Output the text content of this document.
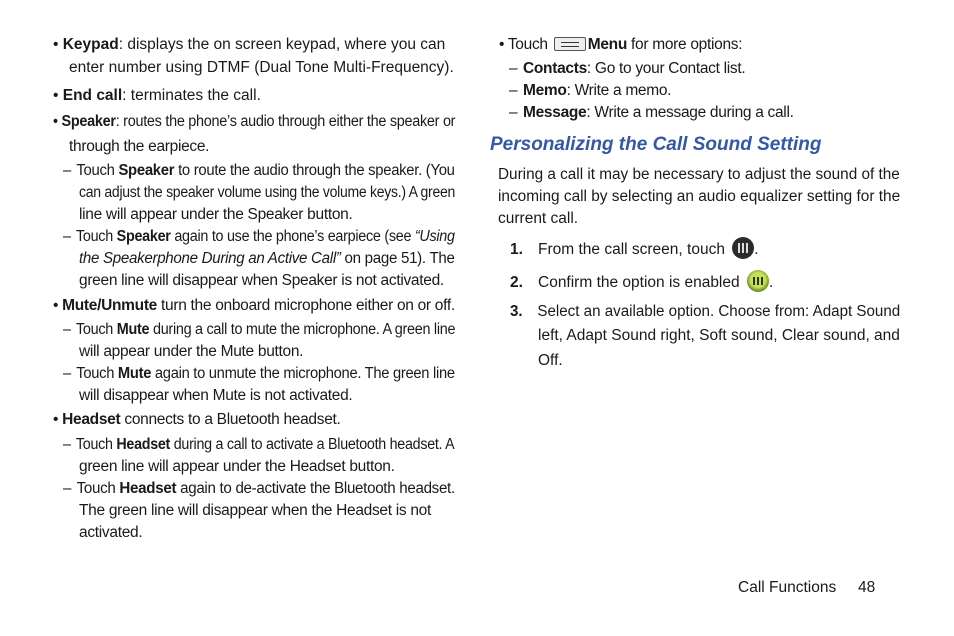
• Keypad: displays the on screen keypad, where you can
enter number using DTMF (Dual Tone Multi-Frequency).
• End call: terminates the call.
• Speaker: routes the phone’s audio through either the speaker or
through the earpiece.
– Touch Speaker to route the audio through the speaker. (You
can adjust the speaker volume using the volume keys.) A green
line will appear under the Speaker button.
– Touch Speaker again to use the phone’s earpiece (see “Using
the Speakerphone During an Active Call” on page 51). The
green line will disappear when Speaker is not activated.
• Mute/Unmute turn the onboard microphone either on or off.
– Touch Mute during a call to mute the microphone. A green line
will appear under the Mute button.
– Touch Mute again to unmute the microphone. The green line
will disappear when Mute is not activated.
• Headset connects to a Bluetooth headset.
– Touch Headset during a call to activate a Bluetooth headset. A
green line will appear under the Headset button.
– Touch Headset again to de-activate the Bluetooth headset.
The green line will disappear when the Headset is not
activated.
• Touch Menu for more options:
– Contacts: Go to your Contact list.
– Memo: Write a memo.
– Message: Write a message during a call.
Personalizing the Call Sound Setting
During a call it may be necessary to adjust the sound of the
incoming call by selecting an audio equalizer setting for the
current call.
1. From the call screen, touch .
2. Confirm the option is enabled .
3. Select an available option. Choose from: Adapt Sound
left, Adapt Sound right, Soft sound, Clear sound, and
Off.
Call Functions 48
